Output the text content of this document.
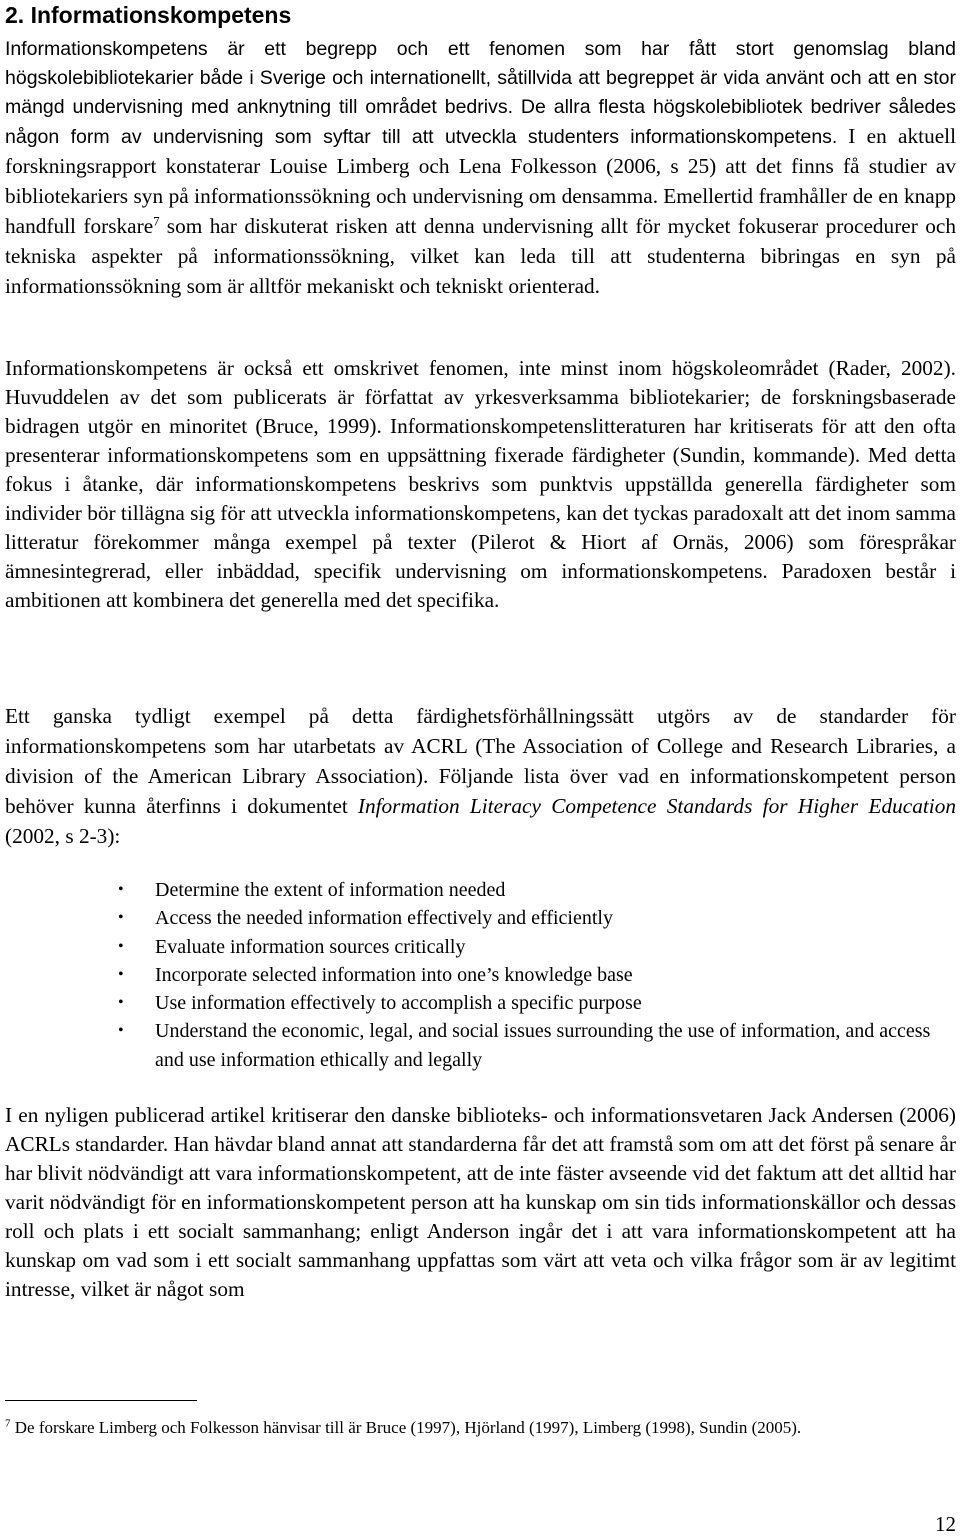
2. Informationskompetens

Informationskompetens är ett begrepp och ett fenomen som har fått stort genomslag bland högskolebibliotekarier både i Sverige och internationellt, såtillvida att begreppet är vida använt och att en stor mängd undervisning med anknytning till området bedrivs. De allra flesta högskolebibliotek bedriver således någon form av undervisning som syftar till att utveckla studenters informationskompetens. I en aktuell forskningsrapport konstaterar Louise Limberg och Lena Folkesson (2006, s 25) att det finns få studier av bibliotekariers syn på informationssökning och undervisning om densamma. Emellertid framhåller de en knapp handfull forskare$^7$ som har diskuterat risken att denna undervisning allt för mycket fokuserar procedurer och tekniska aspekter på informationssökning, vilket kan leda till att studenterna bibringas en syn på informationssökning som är alltför mekaniskt och tekniskt orienterad.

Informationskompetens är också ett omskrivet fenomen, inte minst inom högskoleområdet (Rader, 2002). Huvuddelen av det som publicerats är författat av yrkesverksamma bibliotekarier; de forskningsbaserade bidragen utgör en minoritet (Bruce, 1999). Informationskompetenslitteraturen har kritiserats för att den ofta presenterar informationskompetens som en uppsättning fixerade färdigheter (Sundin, kommande). Med detta fokus i åtanke, där informationskompetens beskrivs som punktvis uppställda generella färdigheter som individer bör tillägna sig för att utveckla informationskompetens, kan det tyckas paradoxalt att det inom samma litteratur förekommer många exempel på texter (Pilerot & Hiort af Ornäs, 2006) som förespråkar ämnesintegrerad, eller inbäddad, specifik undervisning om informationskompetens. Paradoxen består i ambitionen att kombinera det generella med det specifika.

Ett ganska tydligt exempel på detta färdighetsförhållningssätt utgörs av de standarder för informationskompetens som har utarbetats av ACRL (The Association of College and Research Libraries, a division of the American Library Association). Följande lista över vad en informationskompetent person behöver kunna återfinns i dokumentet Information Literacy Competence Standards for Higher Education (2002, s 2-3):

• Determine the extent of information needed
• Access the needed information effectively and efficiently
• Evaluate information sources critically
• Incorporate selected information into one’s knowledge base
• Use information effectively to accomplish a specific purpose
• Understand the economic, legal, and social issues surrounding the use of information, and access and use information ethically and legally

I en nyligen publicerad artikel kritiserar den danske biblioteks- och informationsvetaren Jack Andersen (2006) ACRLs standarder. Han hävdar bland annat att standarderna får det att framstå som om att det först på senare år har blivit nödvändigt att vara informationskompetent, att de inte fäster avseende vid det faktum att det alltid har varit nödvändigt för en informationskompetent person att ha kunskap om sin tids informationskällor och dessas roll och plats i ett socialt sammanhang; enligt Anderson ingår det i att vara informationskompetent att ha kunskap om vad som i ett socialt sammanhang uppfattas som värt att veta och vilka frågor som är av legitimt intresse, vilket är något som

$^7$ De forskare Limberg och Folkesson hänvisar till är Bruce (1997), Hjörland (1997), Limberg (1998), Sundin (2005).

12
